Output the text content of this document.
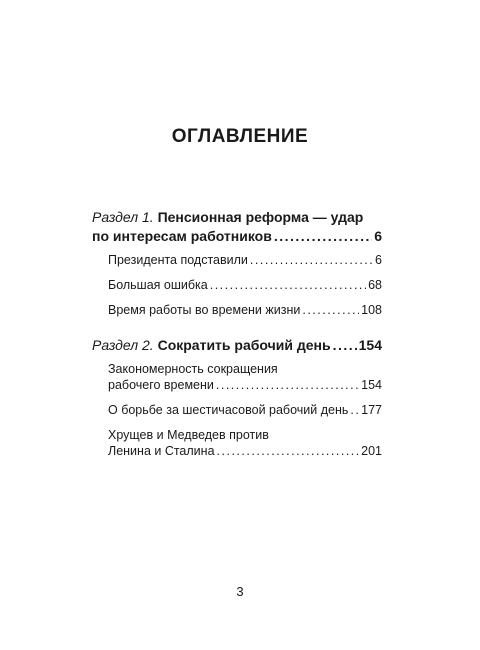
ОГЛАВЛЕНИЕ
Раздел 1. Пенсионная реформа — удар
по интересам работников .....	6
Президента подставили .....	6
Большая ошибка .....	68
Время работы во времени жизни .....	108
Раздел 2. Сократить рабочий день ..... 154
Закономерность сокращения
рабочего времени .....	154
О борьбе за шестичасовой рабочий день ..... 177
Хрущев и Медведев против
Ленина и Сталина .....	201
3
